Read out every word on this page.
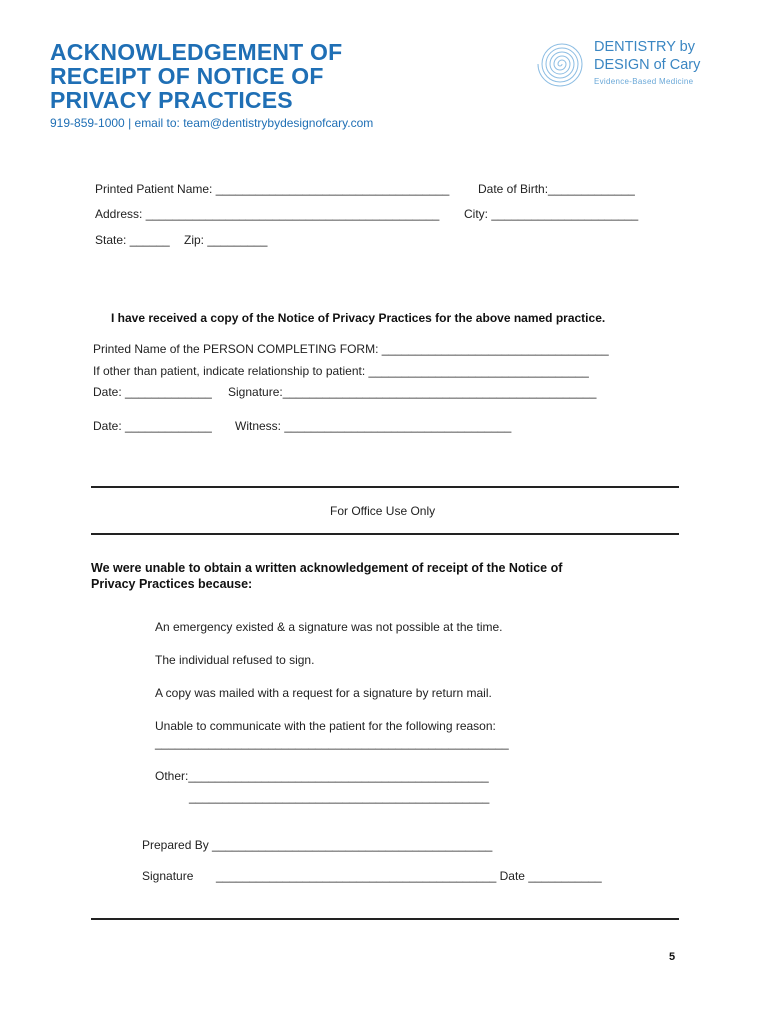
ACKNOWLEDGEMENT OF
RECEIPT OF NOTICE OF
PRIVACY PRACTICES
919-859-1000 | email to: team@dentistrybydesignofcary.com
DENTISTRY by
DESIGN of Cary
Evidence-Based Medicine
Printed Patient Name: ___________________________________ Date of Birth:_____________
Address: ____________________________________________ City: ______________________
State: ______ Zip: _________
I have received a copy of the Notice of Privacy Practices for the above named practice.
Printed Name of the PERSON COMPLETING FORM: __________________________________
If other than patient, indicate relationship to patient: _________________________________
Date: _____________ Signature:_______________________________________________
Date: _____________ Witness: __________________________________
For Office Use Only
We were unable to obtain a written acknowledgement of receipt of the Notice of
Privacy Practices because:
An emergency existed & a signature was not possible at the time.
The individual refused to sign.
A copy was mailed with a request for a signature by return mail.
Unable to communicate with the patient for the following reason:
_____________________________________________________
Other:_____________________________________________
_____________________________________________
Prepared By __________________________________________
Signature __________________________________________ Date ___________
5
